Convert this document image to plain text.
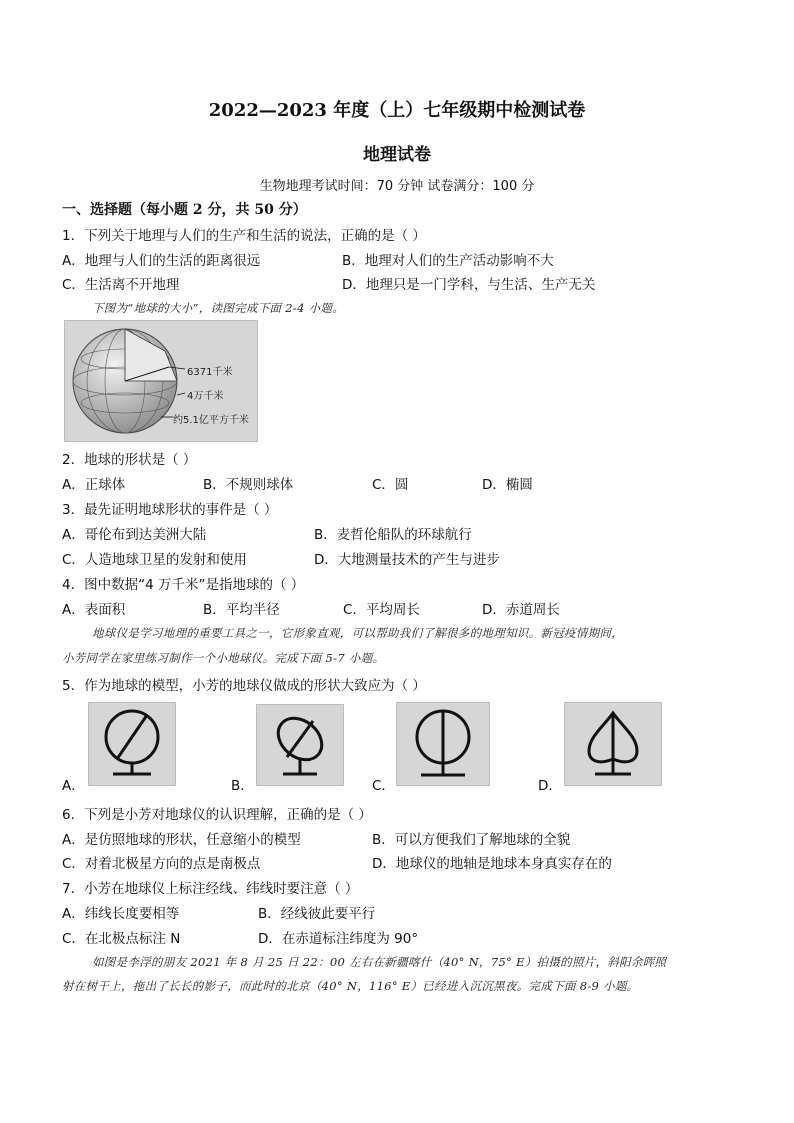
2022—2023 年度（上）七年级期中检测试卷
地理试卷
生物地理考试时间：70 分钟 试卷满分：100 分
一、选择题（每小题 2 分，共 50 分）
1．下列关于地理与人们的生产和生活的说法，正确的是（ ）
A．地理与人们的生活的距离很远	B．地理对人们的生产活动影响不大
C．生活离不开地理	D．地理只是一门学科，与生活、生产无关
下图为“地球的大小”，读图完成下面 2-4 小题。
6371千米
4万千米
约5.1亿平方千米
2．地球的形状是（ ）
A．正球体	B．不规则球体	C．圆	D．椭圆
3．最先证明地球形状的事件是（ ）
A．哥伦布到达美洲大陆	B．麦哲伦船队的环球航行
C．人造地球卫星的发射和使用	D．大地测量技术的产生与进步
4．图中数据“4 万千米”是指地球的（ ）
A．表面积	B．平均半径	C．平均周长	D．赤道周长
地球仪是学习地理的重要工具之一，它形象直观，可以帮助我们了解很多的地理知识。新冠疫情期间，
小芳同学在家里练习制作一个小地球仪。完成下面 5-7 小题。
5．作为地球的模型，小芳的地球仪做成的形状大致应为（ ）
A．	B．	C．	D．
6．下列是小芳对地球仪的认识理解，正确的是（ ）
A．是仿照地球的形状，任意缩小的模型	B．可以方便我们了解地球的全貌
C．对着北极星方向的点是南极点	D．地球仪的地轴是地球本身真实存在的
7．小芳在地球仪上标注经线、纬线时要注意（ ）
A．纬线长度要相等	B．经线彼此要平行
C．在北极点标注 N	D．在赤道标注纬度为 90°
如图是李浮的朋友 2021 年 8 月 25 日 22：00 左右在新疆喀什（40° N，75° E）拍摄的照片，斜阳余晖照
射在树干上，拖出了长长的影子，而此时的北京（40° N，116° E）已经进入沉沉黑夜。完成下面 8-9 小题。
